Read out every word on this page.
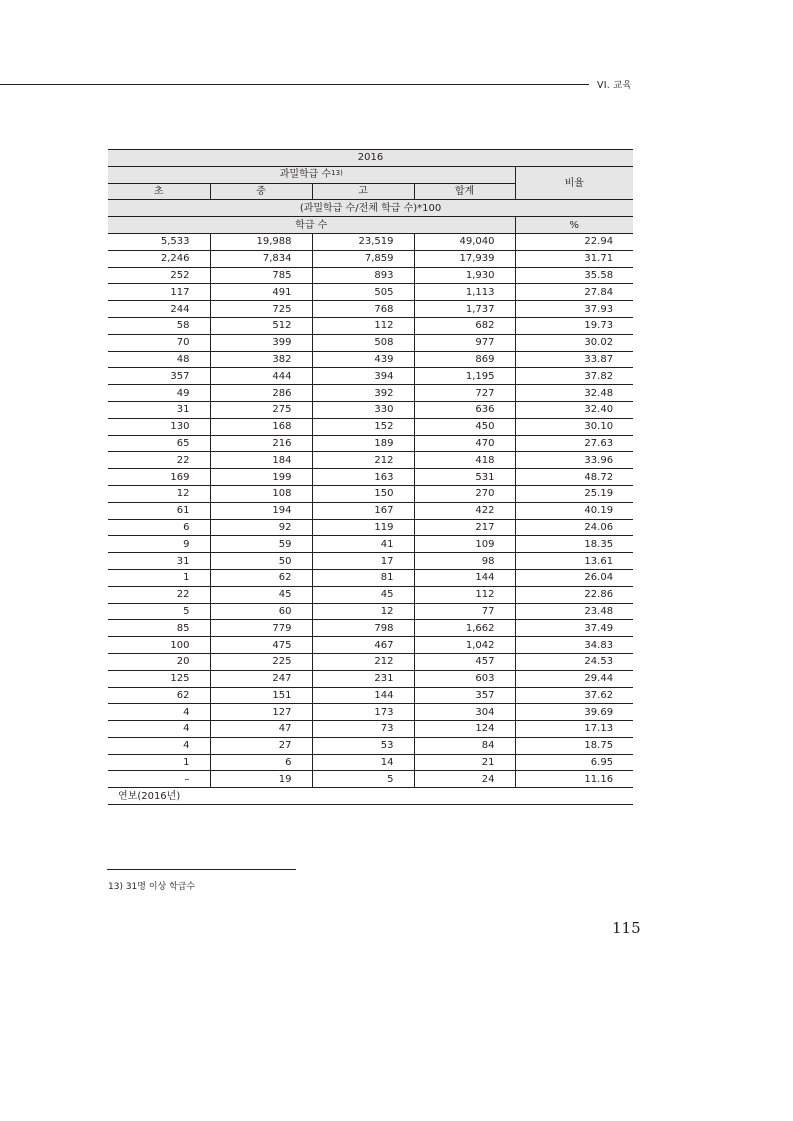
VI. 교육
2016				
과밀학급 수$^{13)}$				비율
초	중	고	합계	
(과밀학급 수/전체 학급 수)*100				
학급 수				%
5,533	19,988	23,519	49,040	22.94
2,246	7,834	7,859	17,939	31.71
252	785	893	1,930	35.58
117	491	505	1,113	27.84
244	725	768	1,737	37.93
58	512	112	682	19.73
70	399	508	977	30.02
48	382	439	869	33.87
357	444	394	1,195	37.82
49	286	392	727	32.48
31	275	330	636	32.40
130	168	152	450	30.10
65	216	189	470	27.63
22	184	212	418	33.96
169	199	163	531	48.72
12	108	150	270	25.19
61	194	167	422	40.19
6	92	119	217	24.06
9	59	41	109	18.35
31	50	17	98	13.61
1	62	81	144	26.04
22	45	45	112	22.86
5	60	12	77	23.48
85	779	798	1,662	37.49
100	475	467	1,042	34.83
20	225	212	457	24.53
125	247	231	603	29.44
62	151	144	357	37.62
4	127	173	304	39.69
4	47	73	124	17.13
4	27	53	84	18.75
1	6	14	21	6.95
–	19	5	24	11.16
연보(2016년)				
13) 31명 이상 학급수
115
